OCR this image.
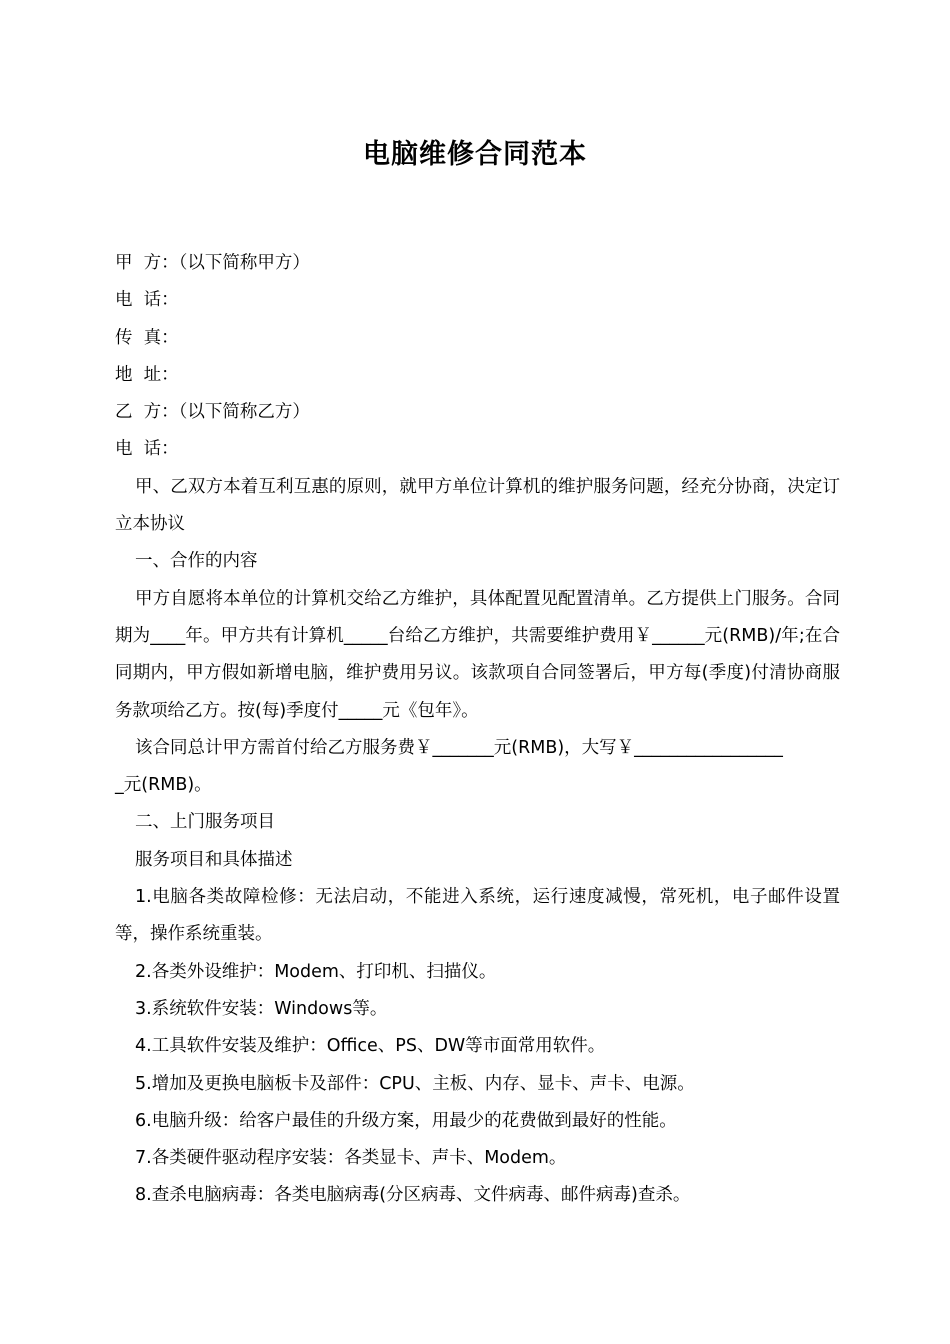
电脑维修合同范本

甲  方：（以下简称甲方）

电  话：

传  真：

地  址：

乙  方：（以下简称乙方）

电  话：

甲、乙双方本着互利互惠的原则，就甲方单位计算机的维护服务问题，经充分协商，决定订立本协议

一、合作的内容

甲方自愿将本单位的计算机交给乙方维护，具体配置见配置清单。乙方提供上门服务。合同期为____年。甲方共有计算机_____台给乙方维护，共需要维护费用￥______元(RMB)/年;在合同期内，甲方假如新增电脑，维护费用另议。该款项自合同签署后，甲方每(季度)付清协商服务款项给乙方。按(每)季度付_____元《包年》。

该合同总计甲方需首付给乙方服务费￥_______元(RMB)，大写￥_________________

_元(RMB)。

二、上门服务项目

服务项目和具体描述

1.电脑各类故障检修：无法启动，不能进入系统，运行速度减慢，常死机，电子邮件设置等，操作系统重装。

2.各类外设维护：Modem、打印机、扫描仪。

3.系统软件安装：Windows等。

4.工具软件安装及维护：Office、PS、DW等市面常用软件。

5.增加及更换电脑板卡及部件：CPU、主板、内存、显卡、声卡、电源。

6.电脑升级：给客户最佳的升级方案，用最少的花费做到最好的性能。

7.各类硬件驱动程序安装：各类显卡、声卡、Modem。

8.查杀电脑病毒：各类电脑病毒(分区病毒、文件病毒、邮件病毒)查杀。
